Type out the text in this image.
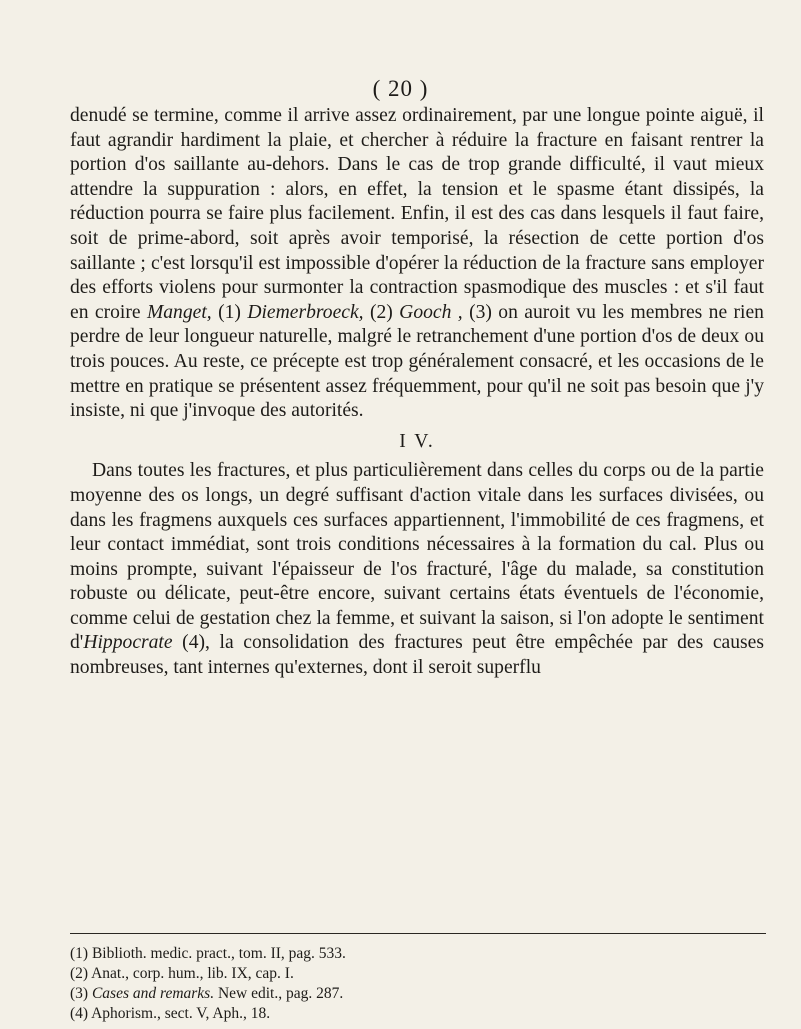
( 20 )

denudé se termine, comme il arrive assez ordinairement, par une longue pointe aiguë, il faut agrandir hardiment la plaie, et chercher à réduire la fracture en faisant rentrer la portion d'os saillante au-dehors. Dans le cas de trop grande difficulté, il vaut mieux attendre la suppuration : alors, en effet, la tension et le spasme étant dissipés, la réduction pourra se faire plus facilement. Enfin, il est des cas dans lesquels il faut faire, soit de prime-abord, soit après avoir temporisé, la résection de cette portion d'os saillante ; c'est lorsqu'il est impossible d'opérer la réduction de la fracture sans employer des efforts violens pour surmonter la contraction spasmodique des muscles : et s'il faut en croire Manget, (1) Diemerbroeck, (2) Gooch , (3) on auroit vu les membres ne rien perdre de leur longueur naturelle, malgré le retranchement d'une portion d'os de deux ou trois pouces. Au reste, ce précepte est trop généralement consacré, et les occasions de le mettre en pratique se présentent assez fréquemment, pour qu'il ne soit pas besoin que j'y insiste, ni que j'invoque des autorités.

I V.

Dans toutes les fractures, et plus particulièrement dans celles du corps ou de la partie moyenne des os longs, un degré suffisant d'action vitale dans les surfaces divisées, ou dans les fragmens auxquels ces surfaces appartiennent, l'immobilité de ces fragmens, et leur contact immédiat, sont trois conditions nécessaires à la formation du cal. Plus ou moins prompte, suivant l'épaisseur de l'os fracturé, l'âge du malade, sa constitution robuste ou délicate, peut-être encore, suivant certains états éventuels de l'économie, comme celui de gestation chez la femme, et suivant la saison, si l'on adopte le sentiment d'Hippocrate (4), la consolidation des fractures peut être empêchée par des causes nombreuses, tant internes qu'externes, dont il seroit superflu

(1) Biblioth. medic. pract., tom. II, pag. 533.

(2) Anat., corp. hum., lib. IX, cap. I.

(3) Cases and remarks. New edit., pag. 287.

(4) Aphorism., sect. V, Aph., 18.
